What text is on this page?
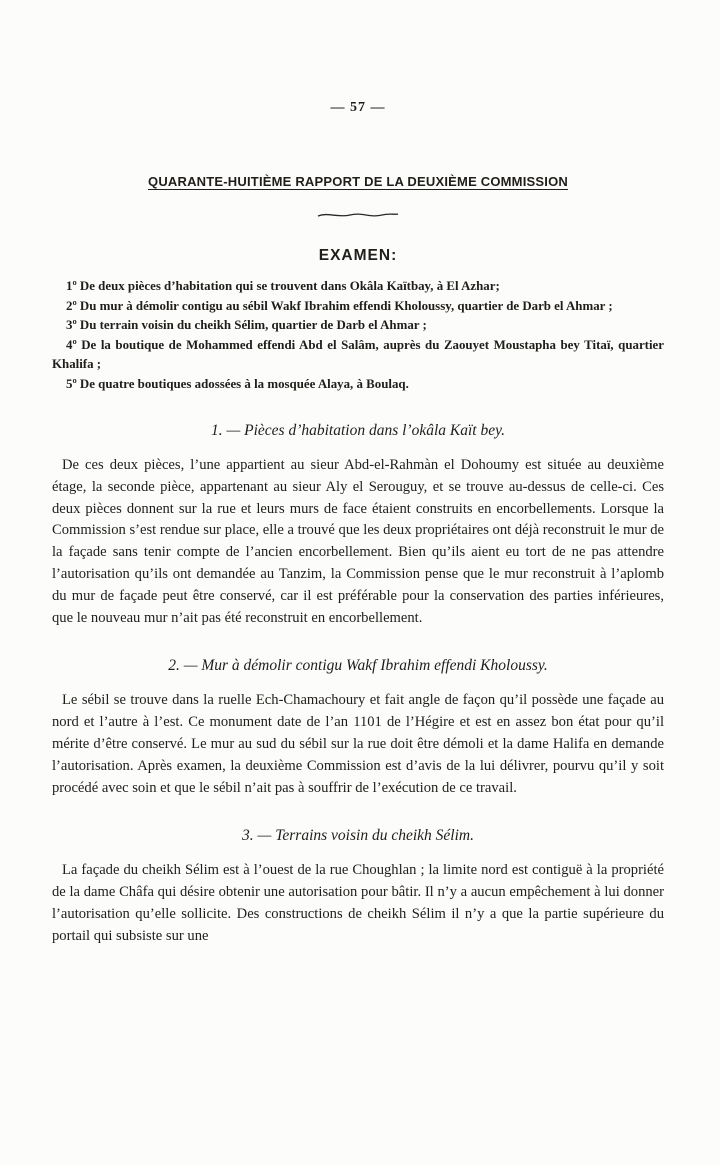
— 57 —
QUARANTE-HUITIÈME RAPPORT DE LA DEUXIÈME COMMISSION
EXAMEN:

1º De deux pièces d’habitation qui se trouvent dans Okâla Kaïtbay, à El Azhar;

2º Du mur à démolir contigu au sébil Wakf Ibrahim effendi Kholoussy, quartier de Darb el Ahmar ;

3º Du terrain voisin du cheikh Sélim, quartier de Darb el Ahmar ;

4º De la boutique de Mohammed effendi Abd el Salâm, auprès du Zaouyet Moustapha bey Titaï, quartier Khalifa ;

5º De quatre boutiques adossées à la mosquée Alaya, à Boulaq.

1. — Pièces d’habitation dans l’okâla Kaït bey.

De ces deux pièces, l’une appartient au sieur Abd-el-Rahmàn el Dohoumy est située au deuxième étage, la seconde pièce, appartenant au sieur Aly el Serouguy, et se trouve au-dessus de celle-ci. Ces deux pièces donnent sur la rue et leurs murs de face étaient construits en encorbellements. Lorsque la Commission s’est rendue sur place, elle a trouvé que les deux propriétaires ont déjà reconstruit le mur de la façade sans tenir compte de l’ancien encorbellement. Bien qu’ils aient eu tort de ne pas attendre l’autorisation qu’ils ont demandée au Tanzim, la Commission pense que le mur reconstruit à l’aplomb du mur de façade peut être conservé, car il est préférable pour la conservation des parties inférieures, que le nouveau mur n’ait pas été reconstruit en encorbellement.

2. — Mur à démolir contigu Wakf Ibrahim effendi Kholoussy.

Le sébil se trouve dans la ruelle Ech-Chamachoury et fait angle de façon qu’il possède une façade au nord et l’autre à l’est. Ce monument date de l’an 1101 de l’Hégire et est en assez bon état pour qu’il mérite d’être conservé. Le mur au sud du sébil sur la rue doit être démoli et la dame Halifa en demande l’autorisation. Après examen, la deuxième Commission est d’avis de la lui délivrer, pourvu qu’il y soit procédé avec soin et que le sébil n’ait pas à souffrir de l’exécution de ce travail.

3. — Terrains voisin du cheikh Sélim.

La façade du cheikh Sélim est à l’ouest de la rue Choughlan ; la limite nord est contiguë à la propriété de la dame Châfa qui désire obtenir une autorisation pour bâtir. Il n’y a aucun empêchement à lui donner l’autorisation qu’elle sollicite. Des constructions de cheikh Sélim il n’y a que la partie supérieure du portail qui subsiste sur une
